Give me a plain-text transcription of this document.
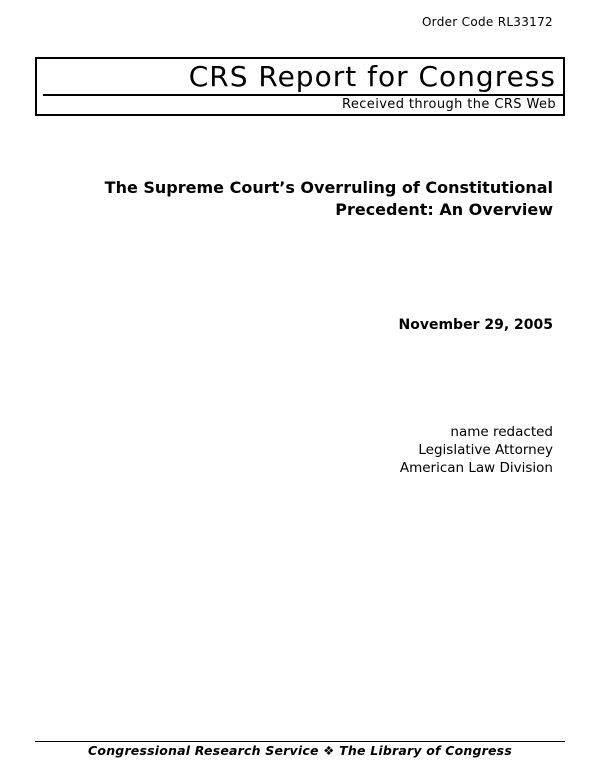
Order Code RL33172
CRS Report for Congress
Received through the CRS Web
The Supreme Court’s Overruling of Constitutional
Precedent: An Overview
November 29, 2005
name redacted
Legislative Attorney
American Law Division
Congressional Research Service ❖ The Library of Congress
